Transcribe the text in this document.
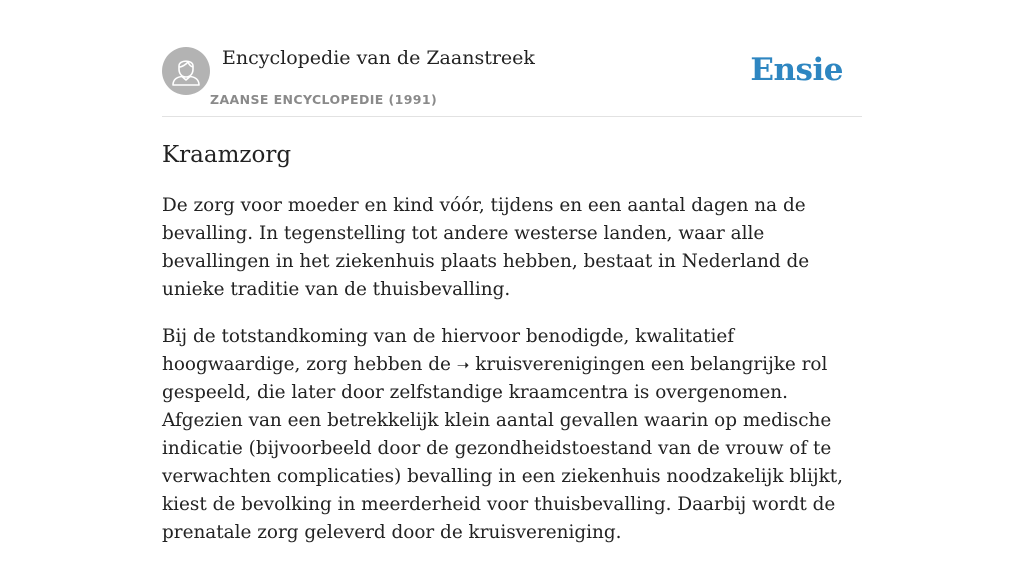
Encyclopedie van de Zaanstreek
ZAANSE ENCYCLOPEDIE (1991)
Ensie
Kraamzorg

De zorg voor moeder en kind vóór, tijdens en een aantal dagen na de bevalling. In tegenstelling tot andere westerse landen, waar alle bevallingen in het ziekenhuis plaats hebben, bestaat in Nederland de unieke traditie van de thuisbevalling.

Bij de totstandkoming van de hiervoor benodigde, kwalitatief hoogwaardige, zorg hebben de ➝ kruisverenigingen een belangrijke rol gespeeld, die later door zelfstandige kraamcentra is overgenomen. Afgezien van een betrekkelijk klein aantal gevallen waarin op medische indicatie (bijvoorbeeld door de gezondheidstoestand van de vrouw of te verwachten complicaties) bevalling in een ziekenhuis noodzakelijk blijkt, kiest de bevolking in meerderheid voor thuisbevalling. Daarbij wordt de prenatale zorg geleverd door de kruisvereniging.
